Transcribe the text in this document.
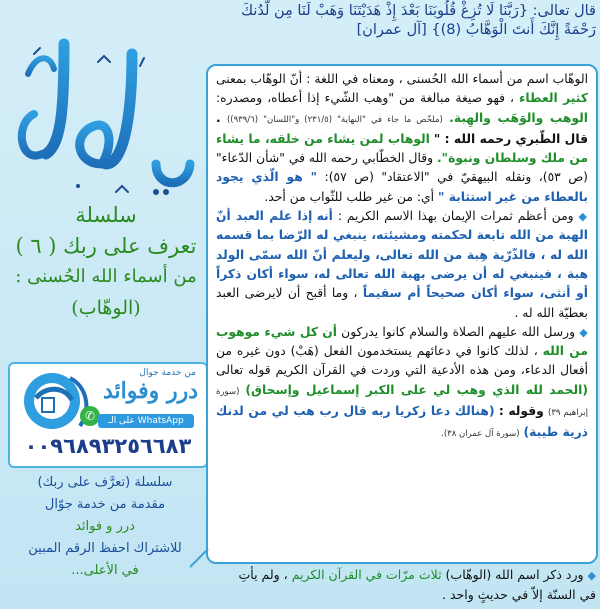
قال تعالى: {رَبَّنَا لَا تُزِغْ قُلُوبَنَا بَعْدَ إِذْ هَدَيْتَنَا وَهَبْ لَنَا مِن لَّدُنكَ رَحْمَةً إِنَّكَ أَنتَ الْوَهَّابُ (8)} [آل عمران]
سلسلة
تعرف على ربك ( ٦ )
من أسماء الله الحُسنى :
(الوهّاب)
من خدمة جوال
درر وفوائد
✆	على الـ WhatsApp
٠٠٩٦٨٩٣٢٥٦٦٨٣
سلسلة (تعرَّف على ربك)
مقدمة من خدمة جوّال
درر و فوائد
للاشتراك احفظ الرقم المبين
في الأعلى...

الوهّاب اسم من أسماء الله الحُسنى ، ومعناه في اللغة : أنّ الوهّاب بمعنى كثير العطاء ، فهو صيغة مبالغة من "وهب الشّيء إذا أعطاه، ومصدره: الوهب والوَهَب والهِبة. (ملخّص ما جاء في "النهاية" (٢٣١/٥) و"اللسان" (٩٣٩/٦)) . قال الطّبري رحمه الله : " الوهاب لمن يشاء من خلقه، ما يشاء من ملك وسلطان ونبوة". وقال الخطّابي رحمه الله في "شأن الدّعاء" (ص ٥٣)، ونقله البيهقيّ في "الاعتقاد" (ص ٥٧): " هو الّذي يجود بالعطاء من غير استثابة " أي: من غير طلب للثّواب من أحد.

◆ ومن أعظم ثمرات الإيمان بهذا الاسم الكريم : أنه إذا علم العبد أنّ الهبة من الله تابعة لحكمته ومشيئته، ينبغي له الرّضا بما قسمه الله له ، فالذّرّية هِبة من الله تعالى، وليعلم أنّ الله سمّى الولد هبة ، فينبغي له أن يرضى بهبة الله تعالى له، سواء أكان ذكراً أو أنثى، سواء أكان صحيحاً أم سقيماً ، وما أقبح أن لايرضى العبد بعطيّة الله له .

◆ ورسل الله عليهم الصلاة والسلام كانوا يدركون أن كل شيء موهوب من الله ، لذلك كانوا في دعائهم يستخدمون الفعل (هَبْ) دون غيره من أفعال الدعاء، ومن هذه الأدعية التي وردت في القرآن الكريم قوله تعالى (الحمد لله الذي وهب لي على الكبر إسماعيل وإسحاق) (سورة إبراهيم ٣٩) وقوله : (هنالك دعا زكريا ربه قال رب هب لي من لدنك ذرية طيبة) (سورة آل عمران ٣٨).

◆ ورد ذكر اسم الله (الوهّاب) ثلاث مرّات في القرآن الكريم ، ولم يأتِ في السنّة إلاّ في حديثٍ واحد .
